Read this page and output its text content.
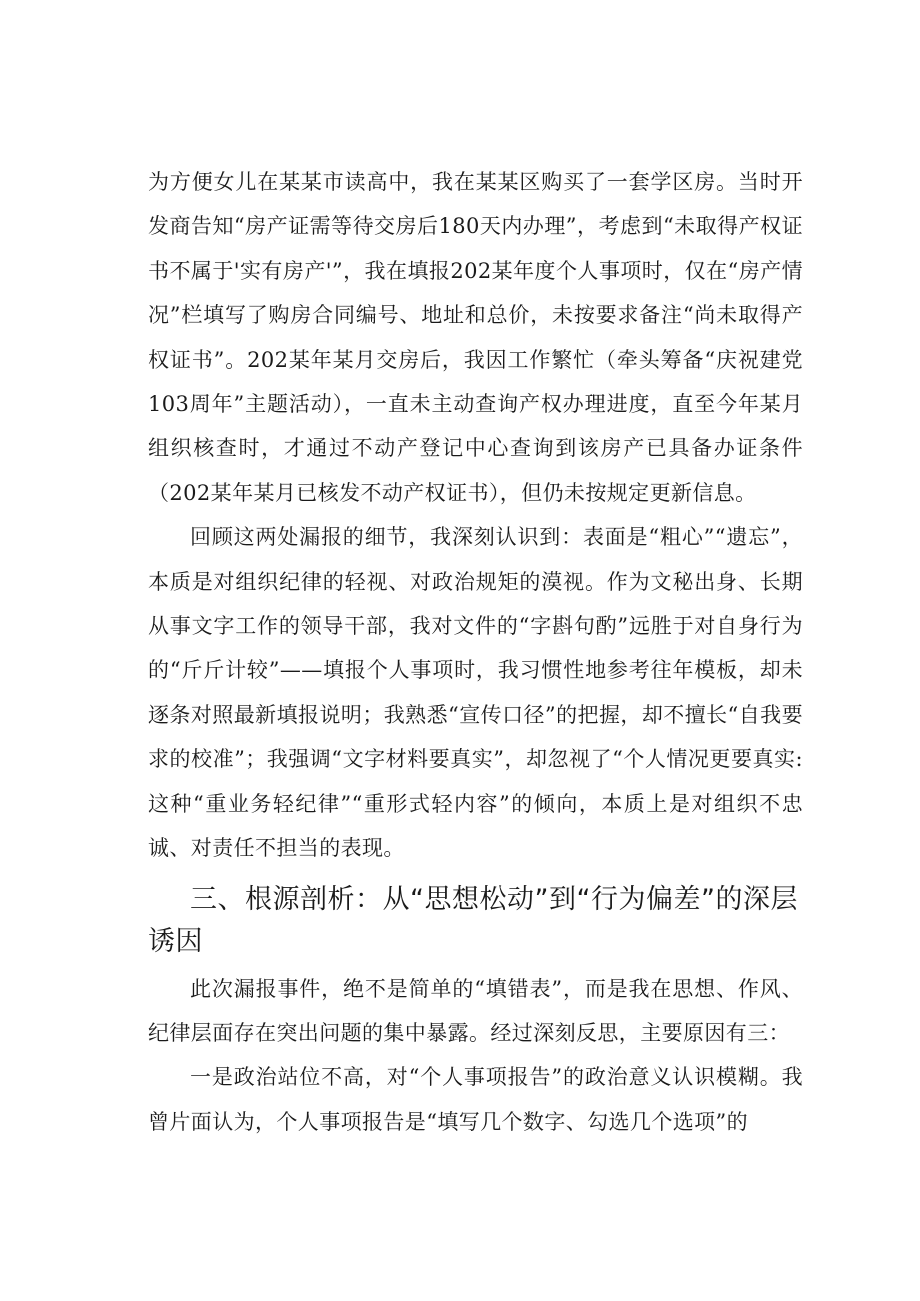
为方便女儿在某某市读高中，我在某某区购买了一套学区房。当时开发商告知“房产证需等待交房后180天内办理”，考虑到“未取得产权证书不属于'实有房产'”，我在填报202某年度个人事项时，仅在“房产情况”栏填写了购房合同编号、地址和总价，未按要求备注“尚未取得产权证书”。202某年某月交房后，我因工作繁忙（牵头筹备“庆祝建党103周年”主题活动），一直未主动查询产权办理进度，直至今年某月组织核查时，才通过不动产登记中心查询到该房产已具备办证条件（202某年某月已核发不动产权证书），但仍未按规定更新信息。

回顾这两处漏报的细节，我深刻认识到：表面是“粗心”“遗忘”，本质是对组织纪律的轻视、对政治规矩的漠视。作为文秘出身、长期从事文字工作的领导干部，我对文件的“字斟句酌”远胜于对自身行为的“斤斤计较”——填报个人事项时，我习惯性地参考往年模板，却未逐条对照最新填报说明；我熟悉“宣传口径”的把握，却不擅长“自我要求的校准”；我强调“文字材料要真实”，却忽视了“个人情况更要真实:这种“重业务轻纪律”“重形式轻内容”的倾向，本质上是对组织不忠诚、对责任不担当的表现。

三、根源剖析：从“思想松动”到“行为偏差”的深层诱因

此次漏报事件，绝不是简单的“填错表”，而是我在思想、作风、纪律层面存在突出问题的集中暴露。经过深刻反思，主要原因有三：

一是政治站位不高，对“个人事项报告”的政治意义认识模糊。我曾片面认为，个人事项报告是“填写几个数字、勾选几个选项”的
